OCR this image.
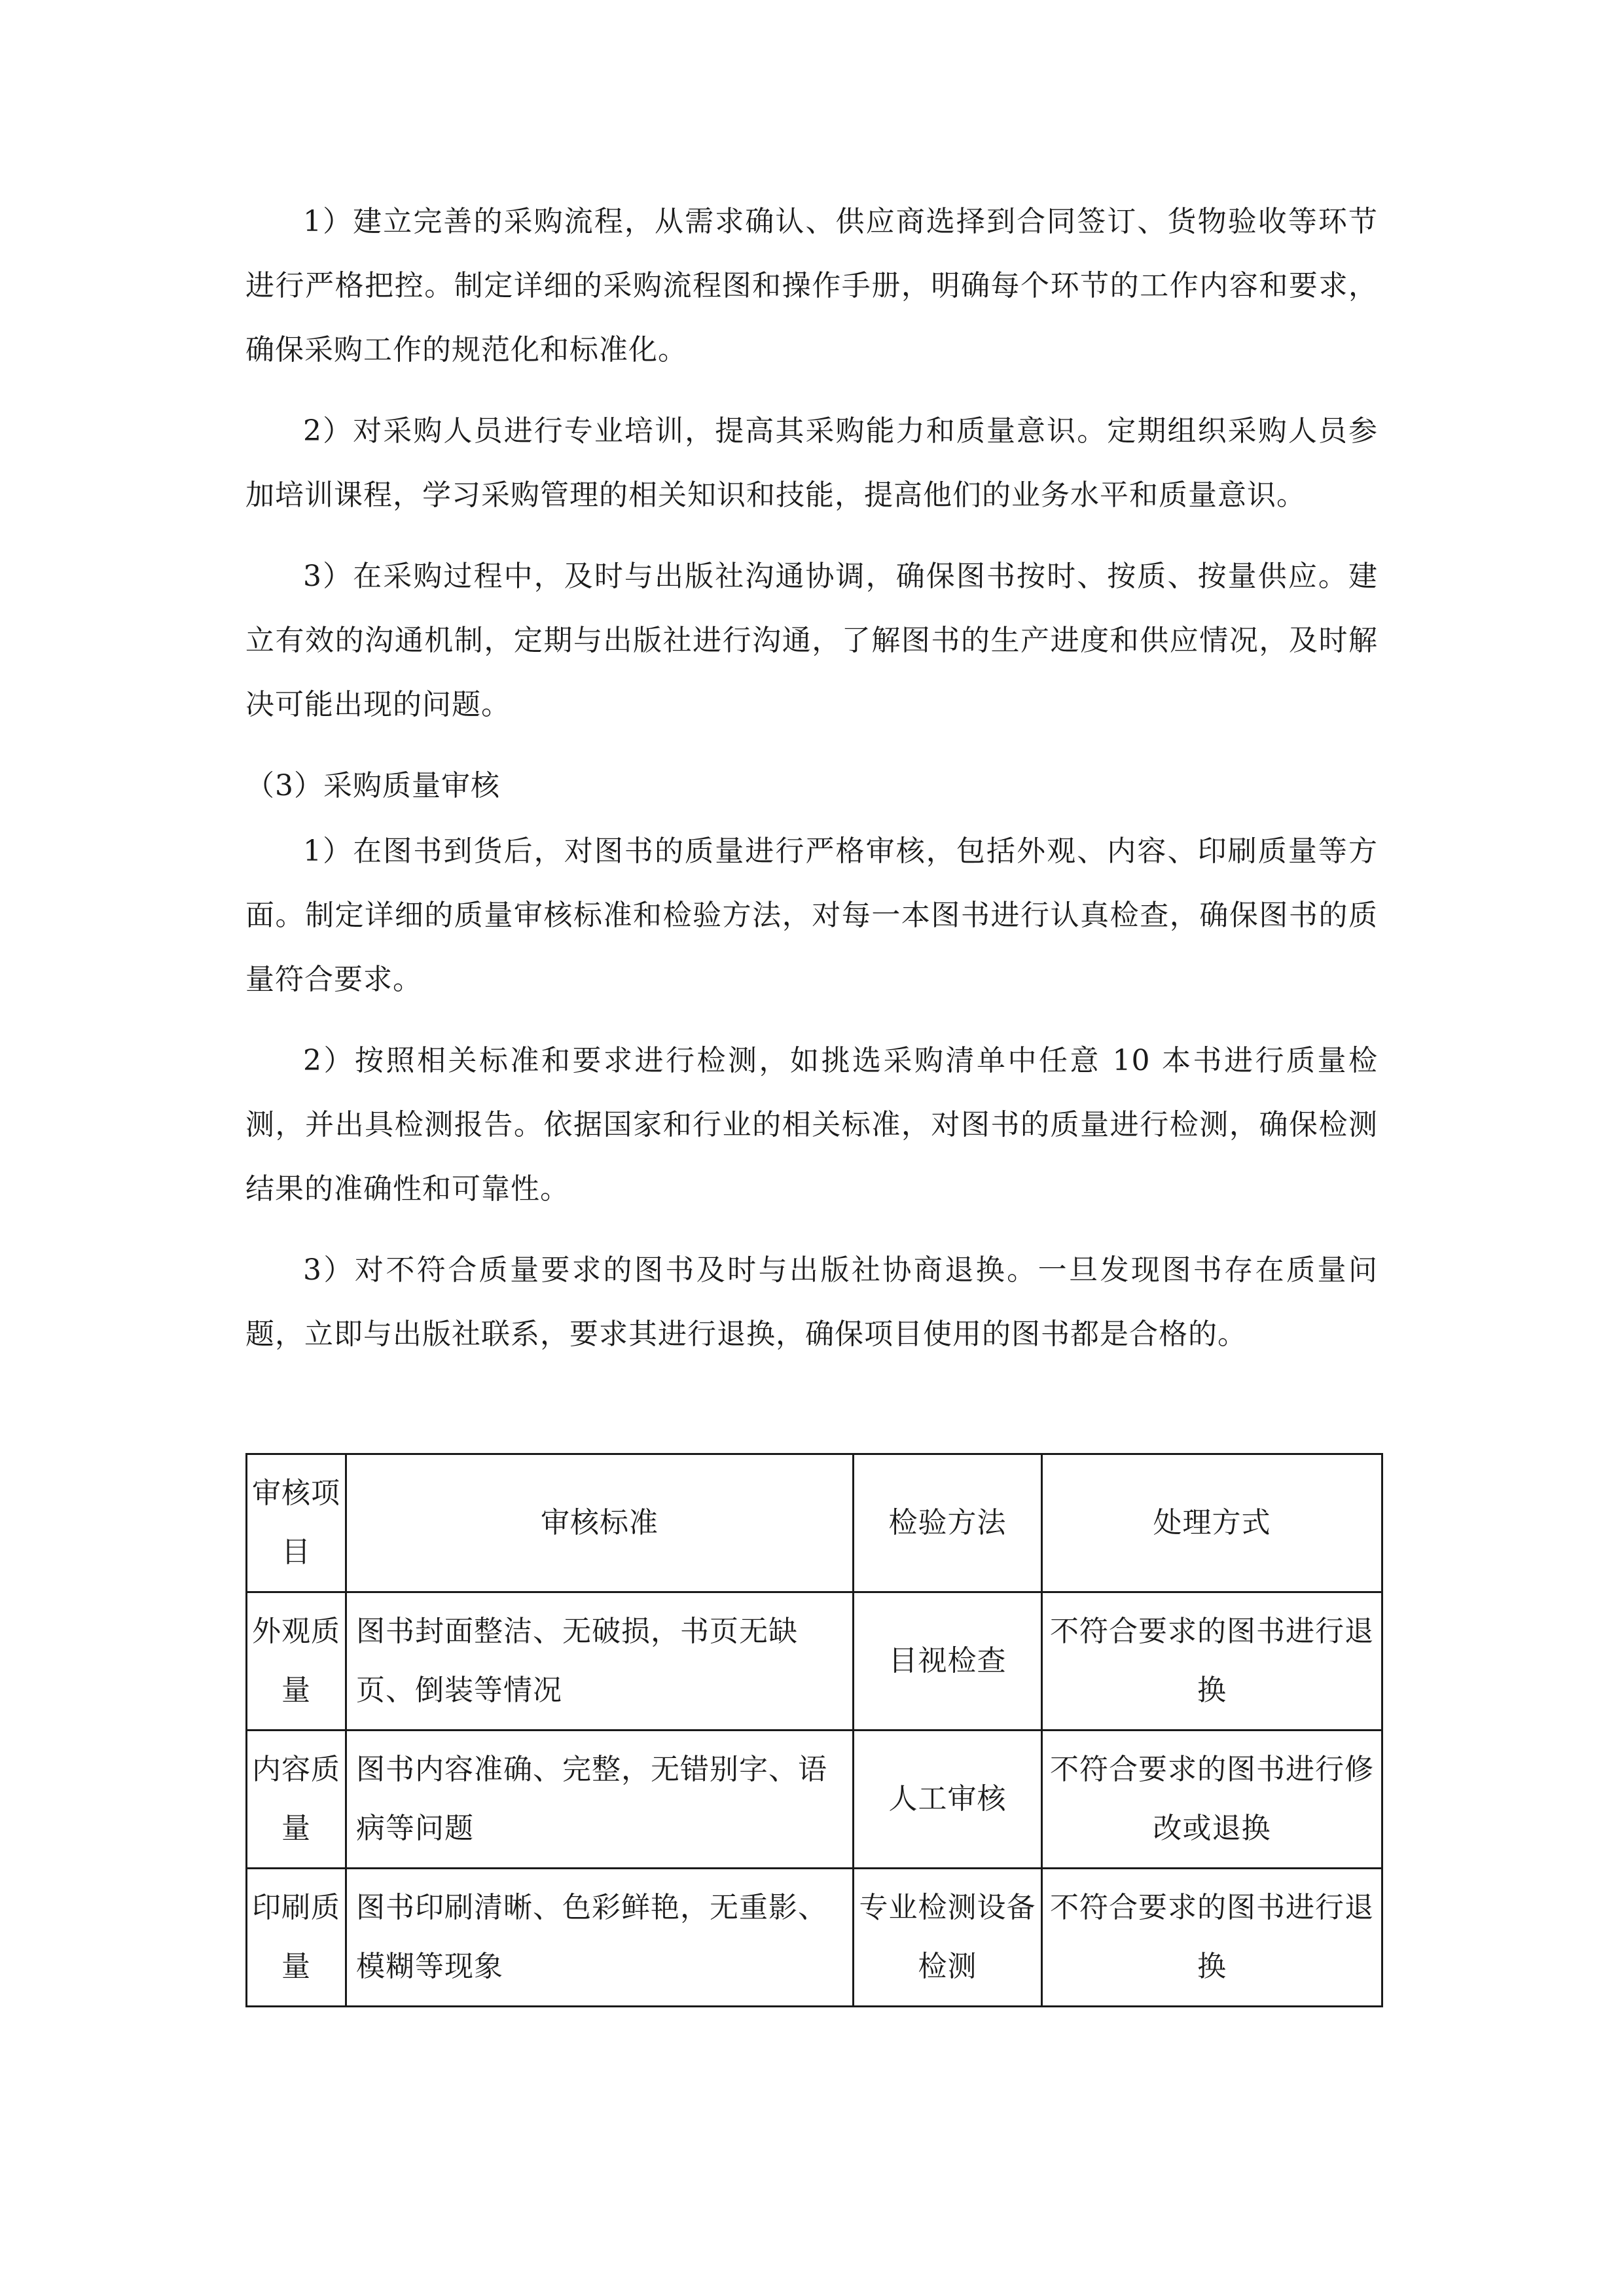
1）建立完善的采购流程，从需求确认、供应商选择到合同签订、货物验收等环节进行严格把控。制定详细的采购流程图和操作手册，明确每个环节的工作内容和要求，确保采购工作的规范化和标准化。

2）对采购人员进行专业培训，提高其采购能力和质量意识。定期组织采购人员参加培训课程，学习采购管理的相关知识和技能，提高他们的业务水平和质量意识。

3）在采购过程中，及时与出版社沟通协调，确保图书按时、按质、按量供应。建立有效的沟通机制，定期与出版社进行沟通，了解图书的生产进度和供应情况，及时解决可能出现的问题。

（3）采购质量审核

1）在图书到货后，对图书的质量进行严格审核，包括外观、内容、印刷质量等方面。制定详细的质量审核标准和检验方法，对每一本图书进行认真检查，确保图书的质量符合要求。

2）按照相关标准和要求进行检测，如挑选采购清单中任意 10 本书进行质量检测，并出具检测报告。依据国家和行业的相关标准，对图书的质量进行检测，确保检测结果的准确性和可靠性。

3）对不符合质量要求的图书及时与出版社协商退换。一旦发现图书存在质量问题，立即与出版社联系，要求其进行退换，确保项目使用的图书都是合格的。

审核项目	审核标准	检验方法	处理方式
外观质量	图书封面整洁、无破损，书页无缺页、倒装等情况	目视检查	不符合要求的图书进行退换
内容质量	图书内容准确、完整，无错别字、语病等问题	人工审核	不符合要求的图书进行修改或退换
印刷质量	图书印刷清晰、色彩鲜艳，无重影、模糊等现象	专业检测设备检测	不符合要求的图书进行退换
